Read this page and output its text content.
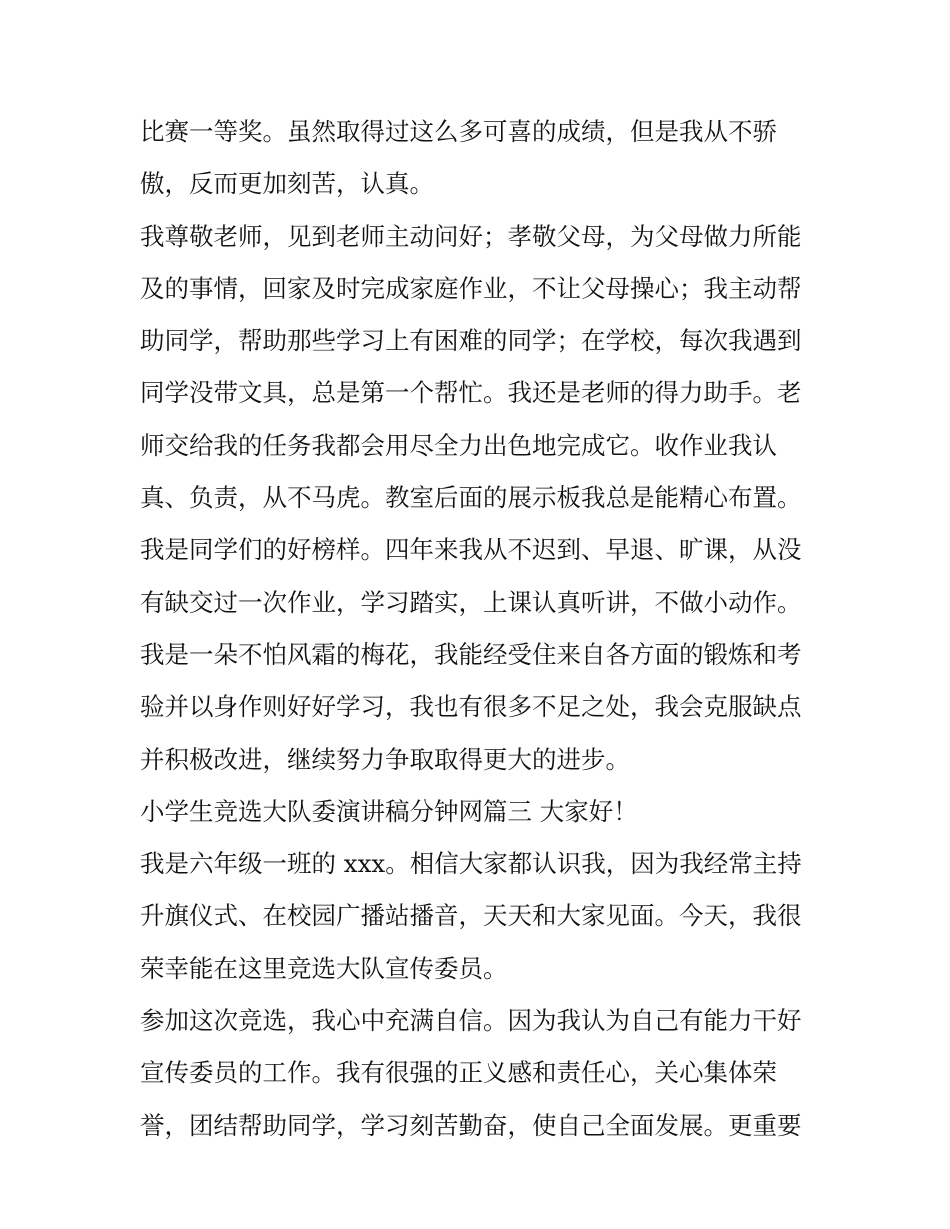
比赛一等奖。虽然取得过这么多可喜的成绩，但是我从不骄
傲，反而更加刻苦，认真。
我尊敬老师，见到老师主动问好；孝敬父母，为父母做力所能
及的事情，回家及时完成家庭作业，不让父母操心；我主动帮
助同学，帮助那些学习上有困难的同学；在学校，每次我遇到
同学没带文具，总是第一个帮忙。我还是老师的得力助手。老
师交给我的任务我都会用尽全力出色地完成它。收作业我认
真、负责，从不马虎。教室后面的展示板我总是能精心布置。
我是同学们的好榜样。四年来我从不迟到、早退、旷课，从没
有缺交过一次作业，学习踏实，上课认真听讲，不做小动作。
我是一朵不怕风霜的梅花，我能经受住来自各方面的锻炼和考
验并以身作则好好学习，我也有很多不足之处，我会克服缺点
并积极改进，继续努力争取取得更大的进步。
小学生竞选大队委演讲稿分钟网篇三 大家好！
我是六年级一班的 xxx。相信大家都认识我，因为我经常主持
升旗仪式、在校园广播站播音，天天和大家见面。今天，我很
荣幸能在这里竞选大队宣传委员。
参加这次竞选，我心中充满自信。因为我认为自己有能力干好
宣传委员的工作。我有很强的正义感和责任心，关心集体荣
誉，团结帮助同学，学习刻苦勤奋，使自己全面发展。更重要
